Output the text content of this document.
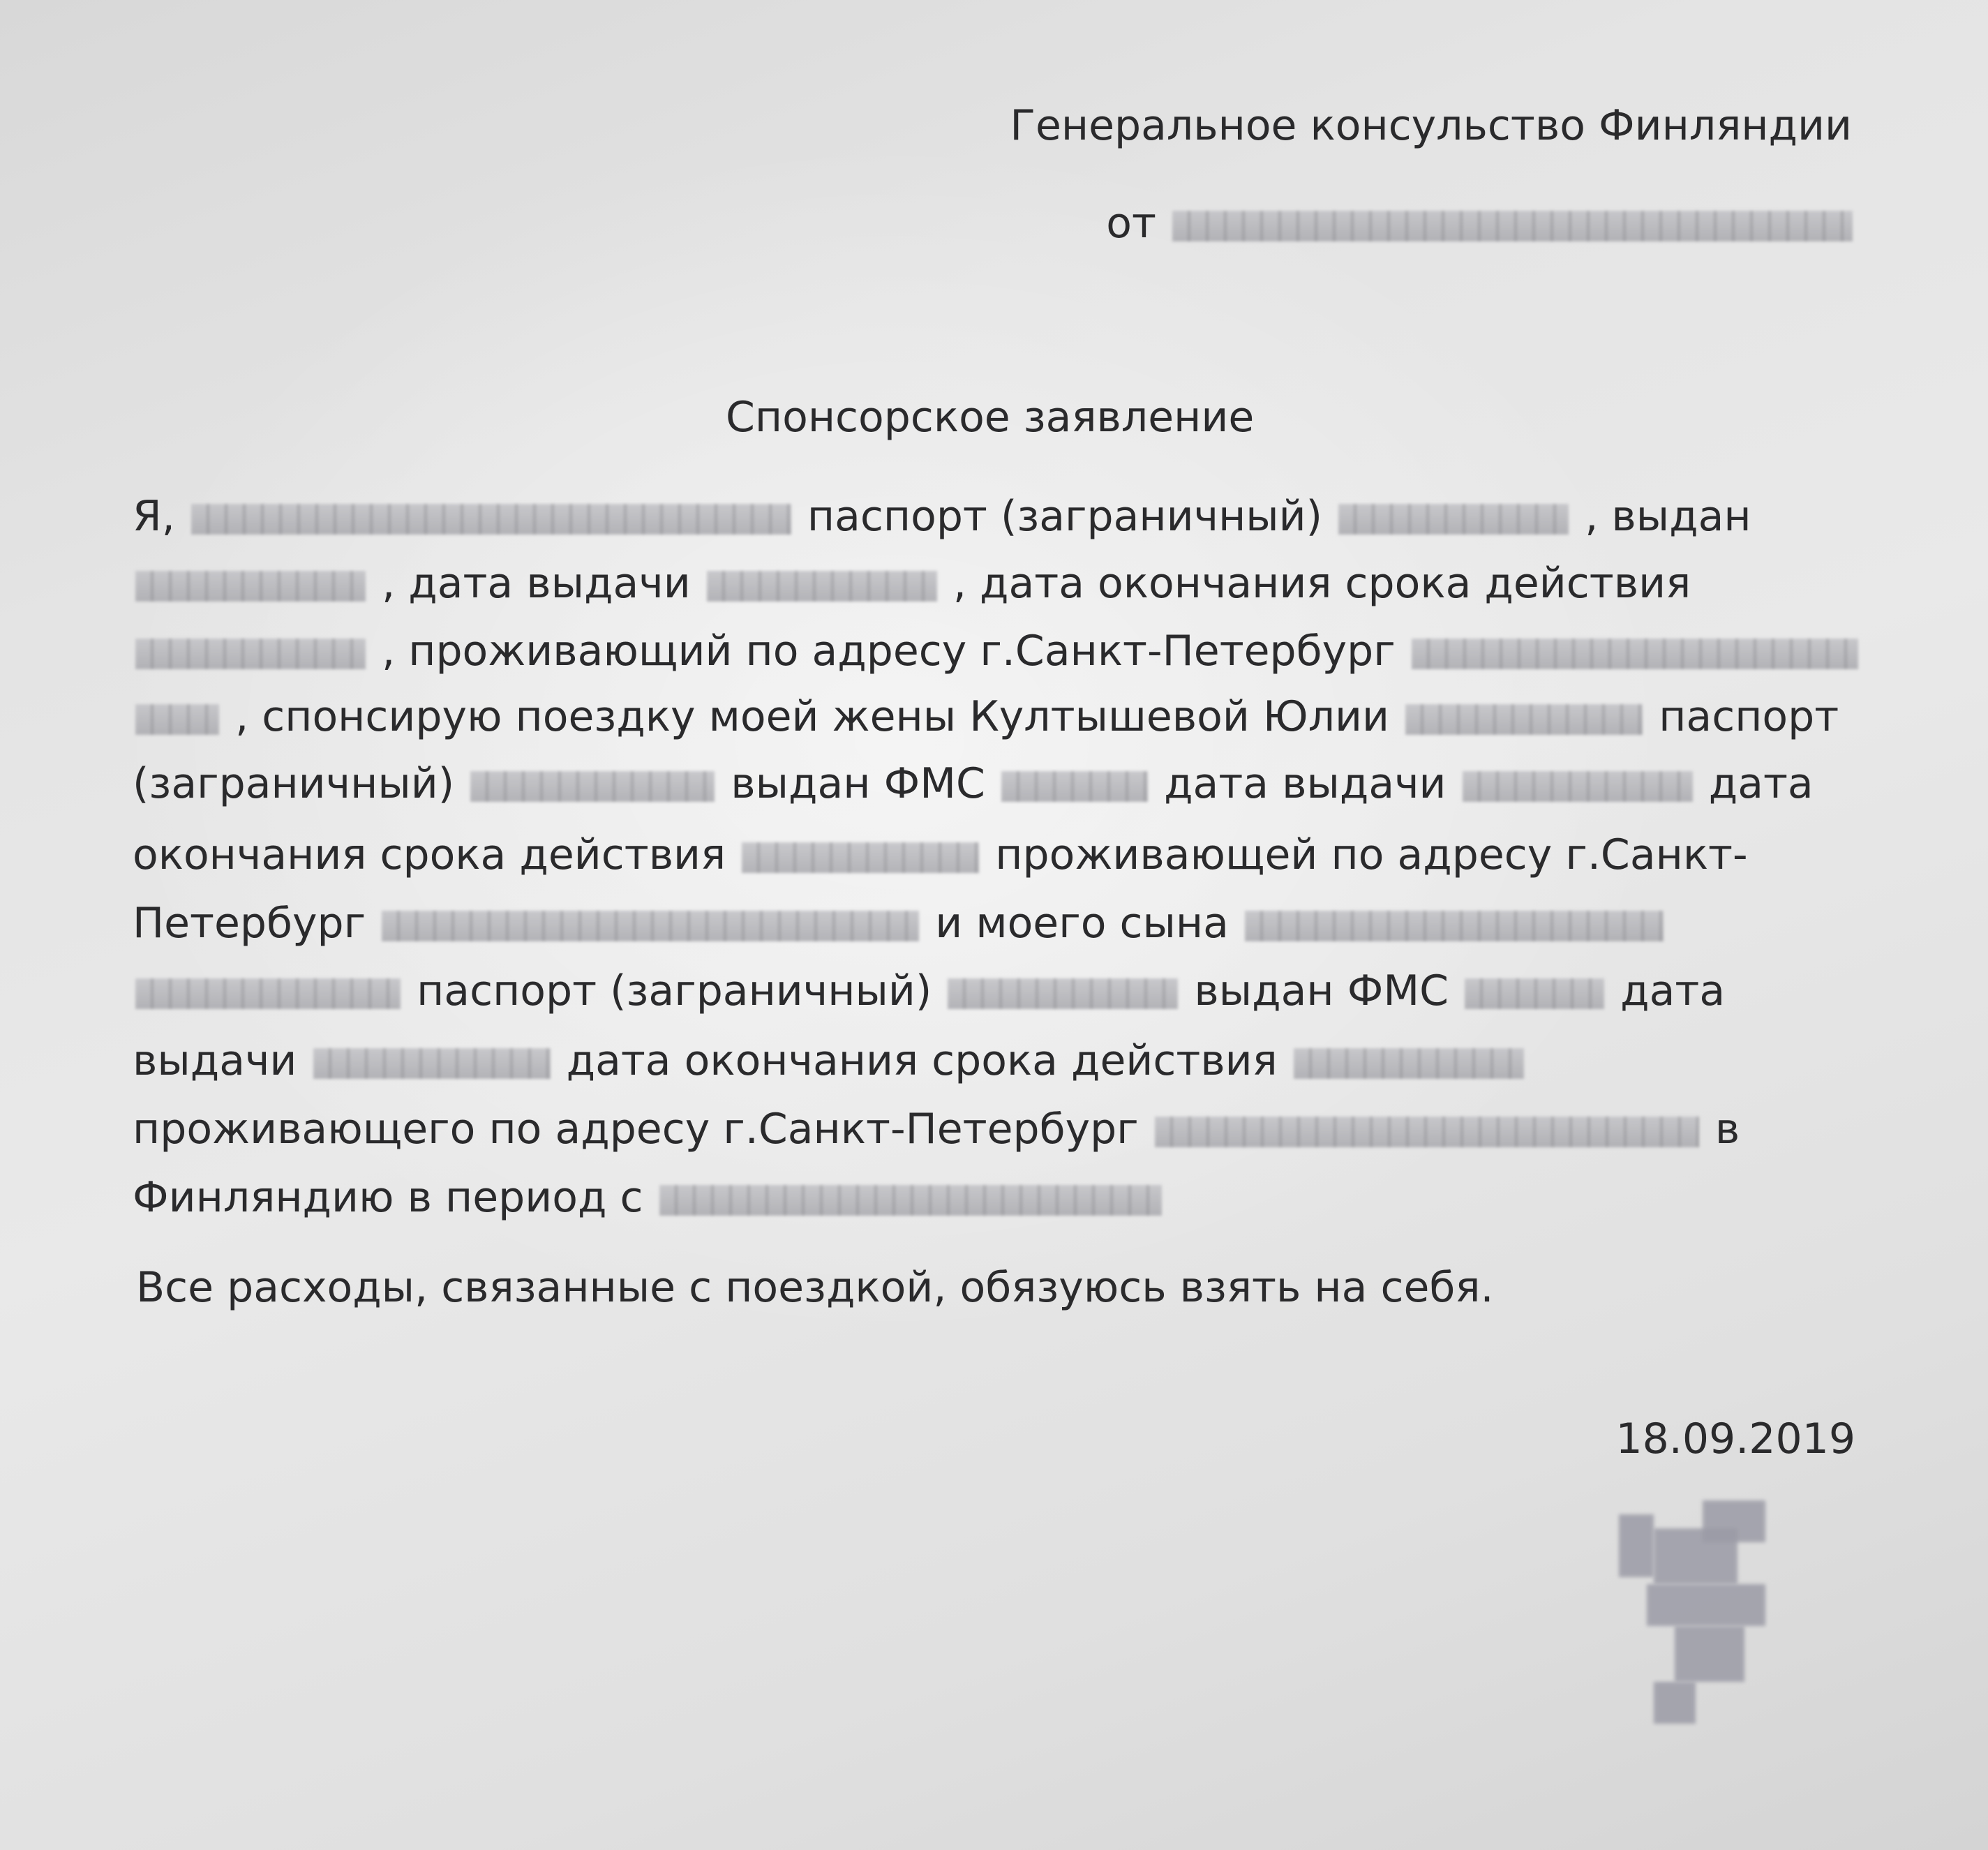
Генеральное консульство Финляндии
от
Спонсорское заявление
Я,	паспорт (заграничный)	, выдан
, дата выдачи	, дата окончания срока действия
, проживающий по адресу г.Санкт-Петербург
, спонсирую поездку моей жены Култышевой Юлии	паспорт
(заграничный)	выдан ФМС	дата выдачи	дата
окончания срока действия	проживающей по адресу г.Санкт-
Петербург	и моего сына
паспорт (заграничный)	выдан ФМС	дата
выдачи	дата окончания срока действия
проживающего по адресу г.Санкт-Петербург	в
Финляндию в период с
Все расходы, связанные с поездкой, обязуюсь взять на себя.
18.09.2019
